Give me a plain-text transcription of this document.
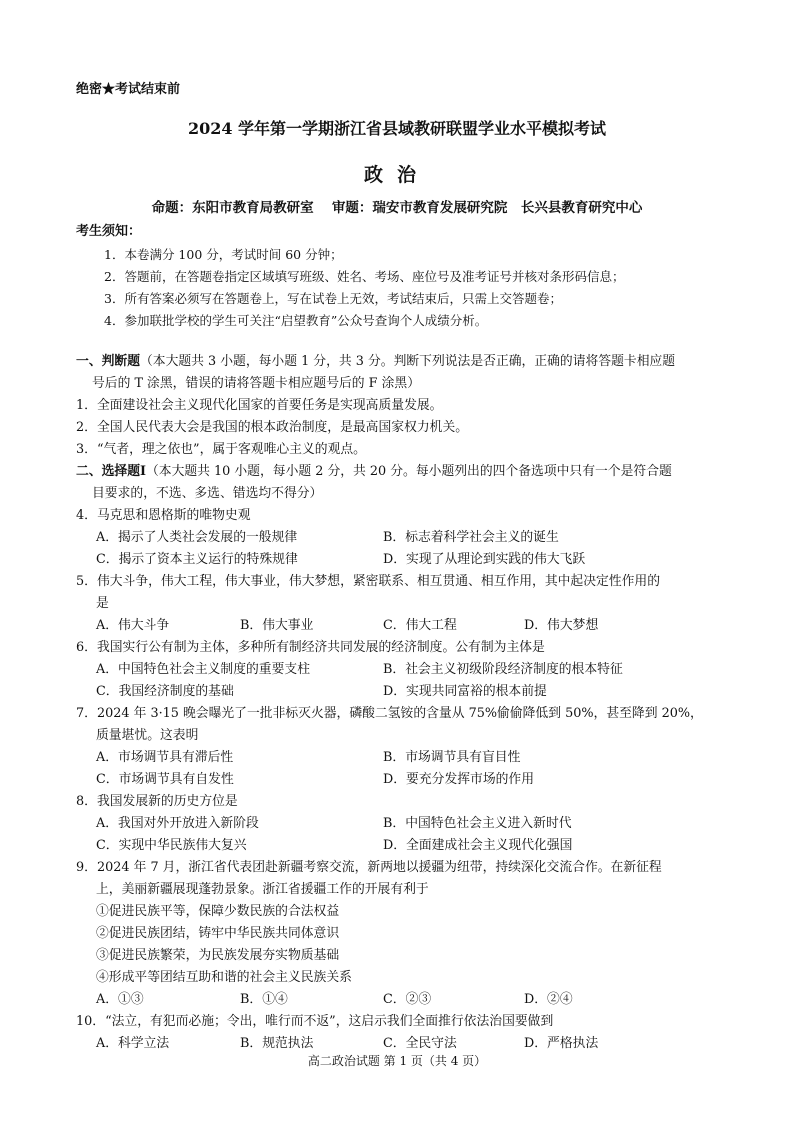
绝密★考试结束前
2024 学年第一学期浙江省县域教研联盟学业水平模拟考试
政治
命题：东阳市教育局教研室　 审题：瑞安市教育发展研究院　长兴县教育研究中心
考生须知：
1．本卷满分 100 分，考试时间 60 分钟；
2．答题前，在答题卷指定区域填写班级、姓名、考场、座位号及准考证号并核对条形码信息；
3．所有答案必须写在答题卷上，写在试卷上无效，考试结束后，只需上交答题卷；
4．参加联批学校的学生可关注“启望教育”公众号查询个人成绩分析。
一、判断题（本大题共 3 小题，每小题 1 分，共 3 分。判断下列说法是否正确，正确的请将答题卡相应题
号后的 T 涂黑，错误的请将答题卡相应题号后的 F 涂黑）
1．全面建设社会主义现代化国家的首要任务是实现高质量发展。
2．全国人民代表大会是我国的根本政治制度，是最高国家权力机关。
3．“气者，理之依也”，属于客观唯心主义的观点。
二、选择题Ⅰ（本大题共 10 小题，每小题 2 分，共 20 分。每小题列出的四个备选项中只有一个是符合题
目要求的，不选、多选、错选均不得分）
4．马克思和恩格斯的唯物史观
A．揭示了人类社会发展的一般规律	B．标志着科学社会主义的诞生
C．揭示了资本主义运行的特殊规律	D．实现了从理论到实践的伟大飞跃
5．伟大斗争，伟大工程，伟大事业，伟大梦想，紧密联系、相互贯通、相互作用，其中起决定性作用的
是
A．伟大斗争	B．伟大事业	C．伟大工程	D．伟大梦想
6．我国实行公有制为主体，多种所有制经济共同发展的经济制度。公有制为主体是
A．中国特色社会主义制度的重要支柱	B．社会主义初级阶段经济制度的根本特征
C．我国经济制度的基础	D．实现共同富裕的根本前提
7．2024 年 3·15 晚会曝光了一批非标灭火器，磷酸二氢铵的含量从 75%偷偷降低到 50%，甚至降到 20%，
质量堪忧。这表明
A．市场调节具有滞后性	B．市场调节具有盲目性
C．市场调节具有自发性	D．要充分发挥市场的作用
8．我国发展新的历史方位是
A．我国对外开放进入新阶段	B．中国特色社会主义进入新时代
C．实现中华民族伟大复兴	D．全面建成社会主义现代化强国
9．2024 年 7 月，浙江省代表团赴新疆考察交流，新两地以援疆为纽带，持续深化交流合作。在新征程
上，美丽新疆展现蓬勃景象。浙江省援疆工作的开展有利于
①促进民族平等，保障少数民族的合法权益
②促进民族团结，铸牢中华民族共同体意识
③促进民族繁荣，为民族发展夯实物质基础
④形成平等团结互助和谐的社会主义民族关系
A．①③	B．①④	C．②③	D．②④
10．“法立，有犯而必施；令出，唯行而不返”，这启示我们全面推行依法治国要做到
A．科学立法	B．规范执法	C．全民守法	D．严格执法
高二政治试题 第 1 页（共 4 页）
